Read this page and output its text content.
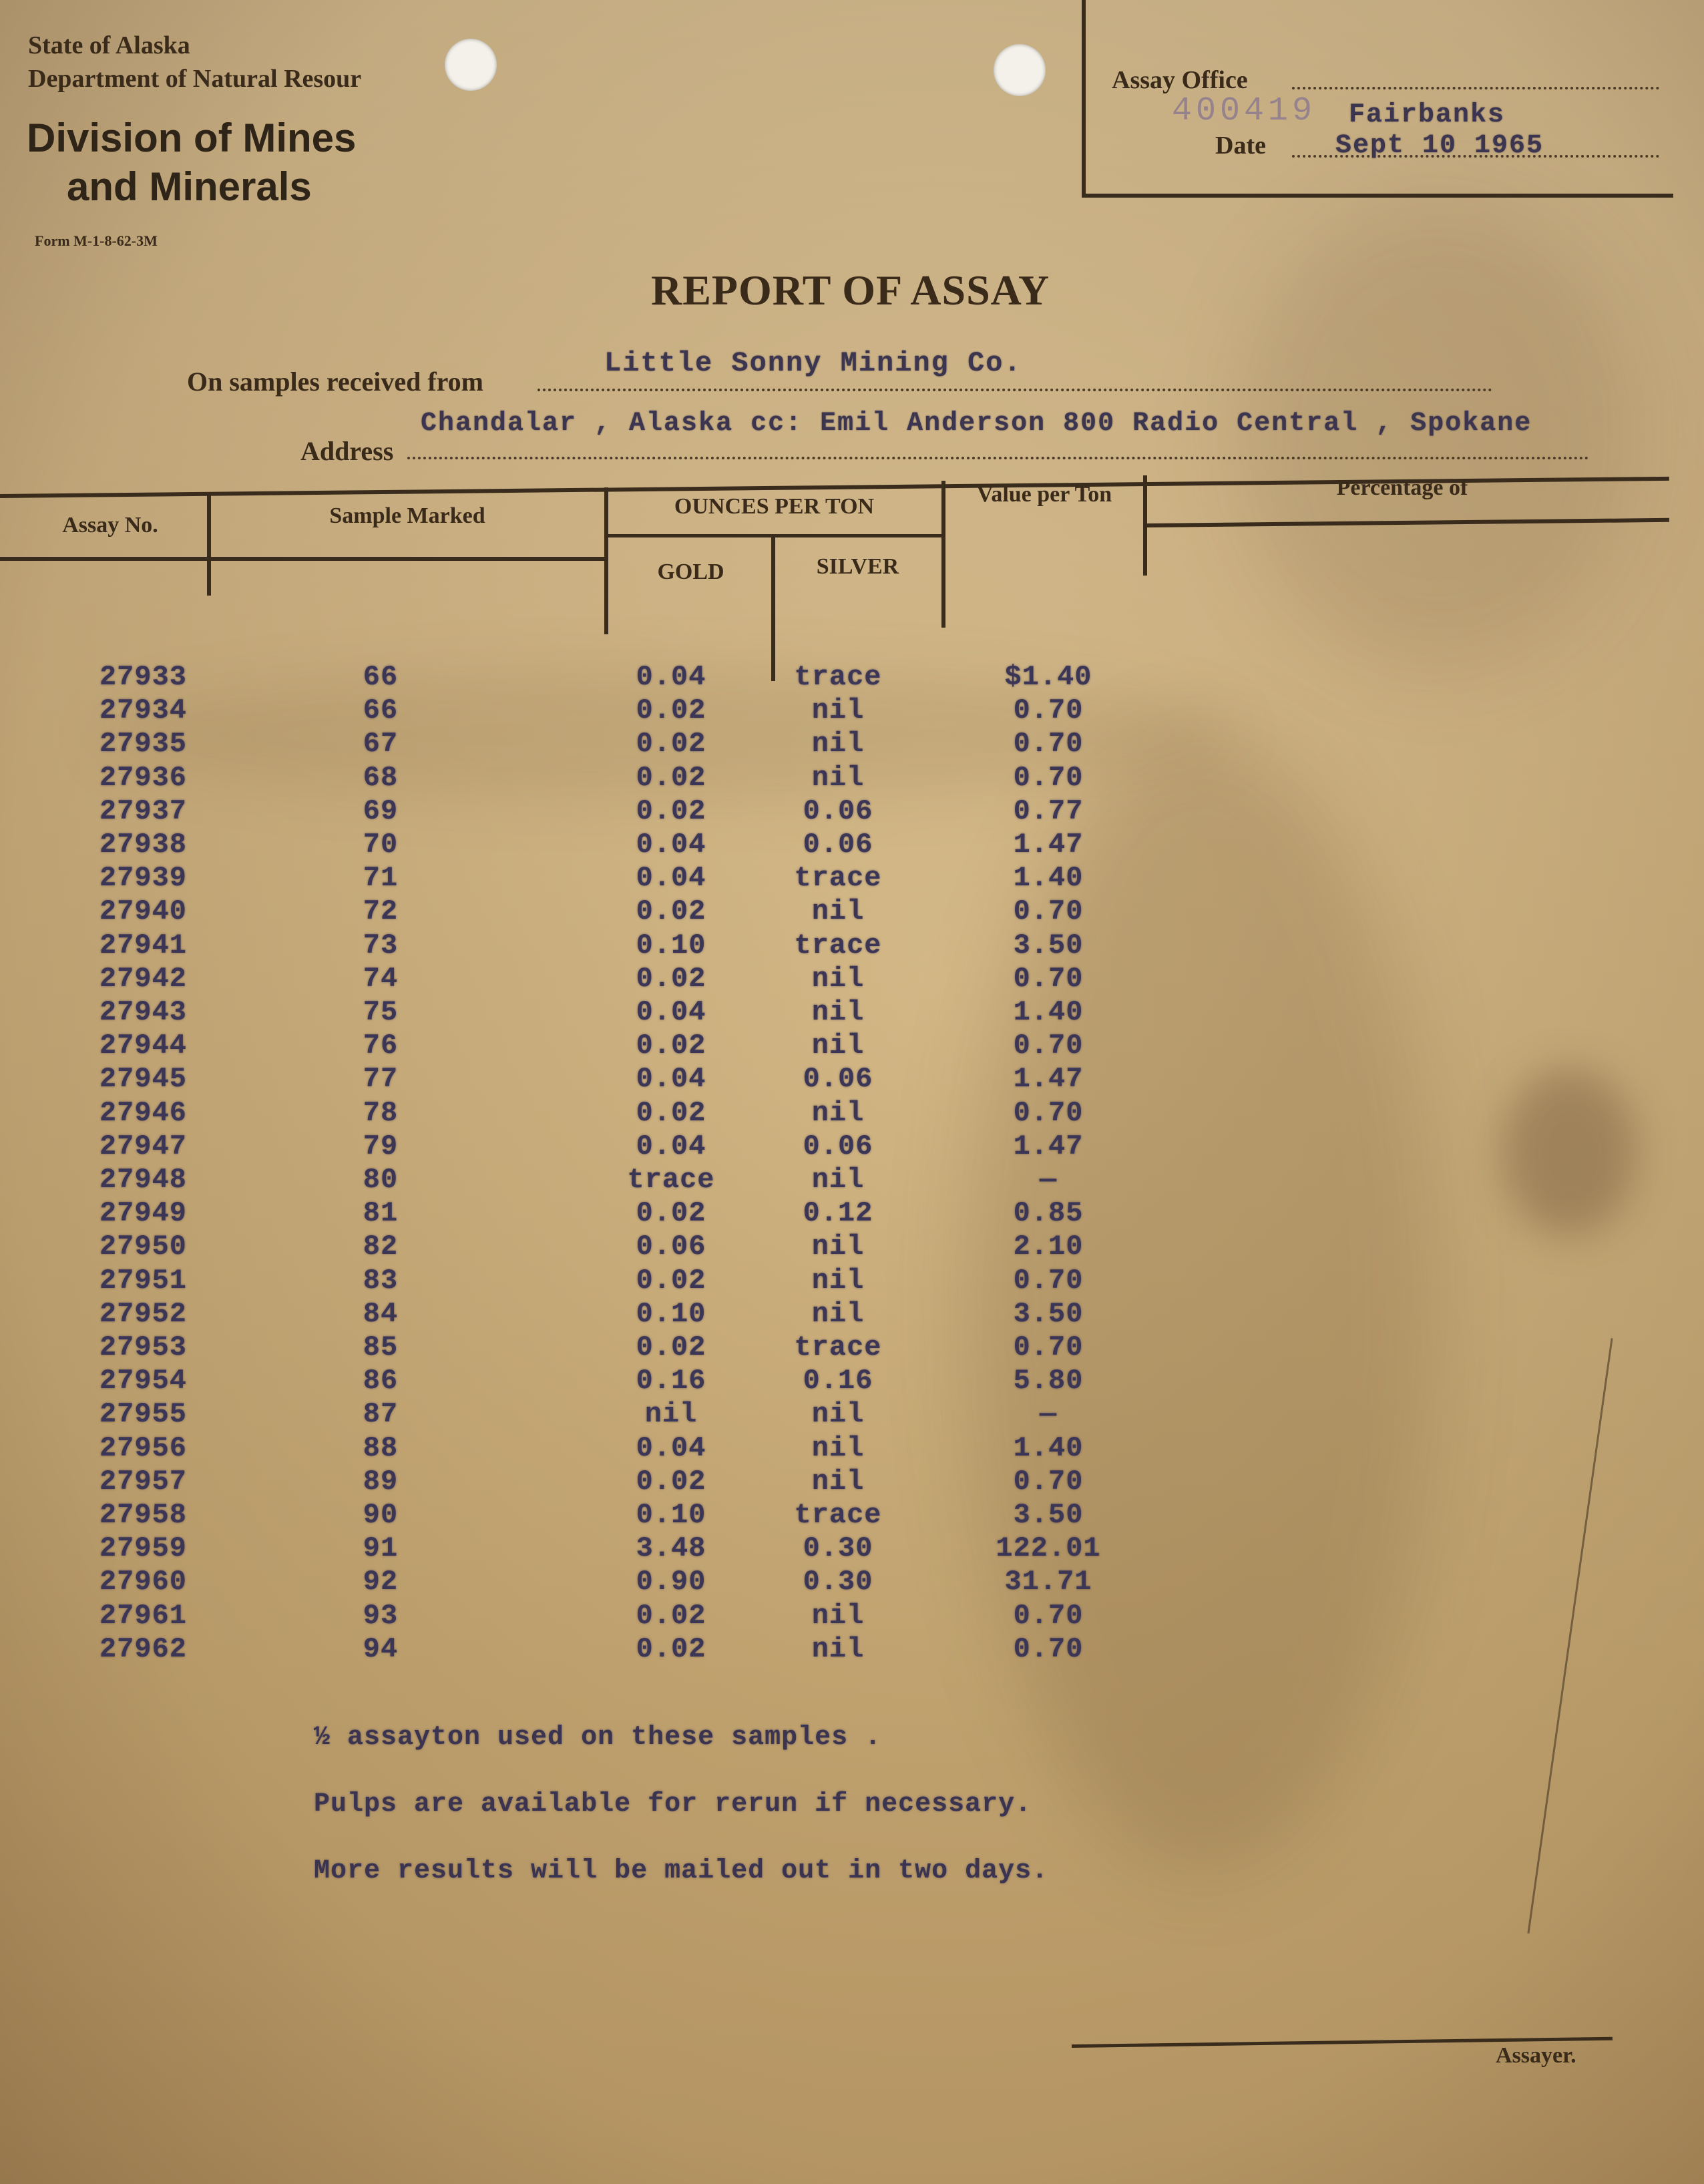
State of Alaska
Department of Natural Resour
Division of Mines
and Minerals
Form M-1-8-62-3M
Assay Office
Fairbanks
400419
Date	Sept 10 1965
REPORT OF ASSAY
On samples received from
Little Sonny Mining Co.
Address
Chandalar , Alaska cc: Emil Anderson 800 Radio Central , Spokane
Assay No.	Sample Marked	OUNCES PER TON
GOLD	SILVER
Value per Ton	Percentage of
27933	66	0.04	trace	$1.40
27934	66	0.02	nil	0.70
27935	67	0.02	nil	0.70
27936	68	0.02	nil	0.70
27937	69	0.02	0.06	0.77
27938	70	0.04	0.06	1.47
27939	71	0.04	trace	1.40
27940	72	0.02	nil	0.70
27941	73	0.10	trace	3.50
27942	74	0.02	nil	0.70
27943	75	0.04	nil	1.40
27944	76	0.02	nil	0.70
27945	77	0.04	0.06	1.47
27946	78	0.02	nil	0.70
27947	79	0.04	0.06	1.47
27948	80	trace	nil	—
27949	81	0.02	0.12	0.85
27950	82	0.06	nil	2.10
27951	83	0.02	nil	0.70
27952	84	0.10	nil	3.50
27953	85	0.02	trace	0.70
27954	86	0.16	0.16	5.80
27955	87	nil	nil	—
27956	88	0.04	nil	1.40
27957	89	0.02	nil	0.70
27958	90	0.10	trace	3.50
27959	91	3.48	0.30	122.01
27960	92	0.90	0.30	31.71
27961	93	0.02	nil	0.70
27962	94	0.02	nil	0.70
½ assayton used on these samples .
Pulps are available for rerun if necessary.
More results will be mailed out in two days.
Assayer.
